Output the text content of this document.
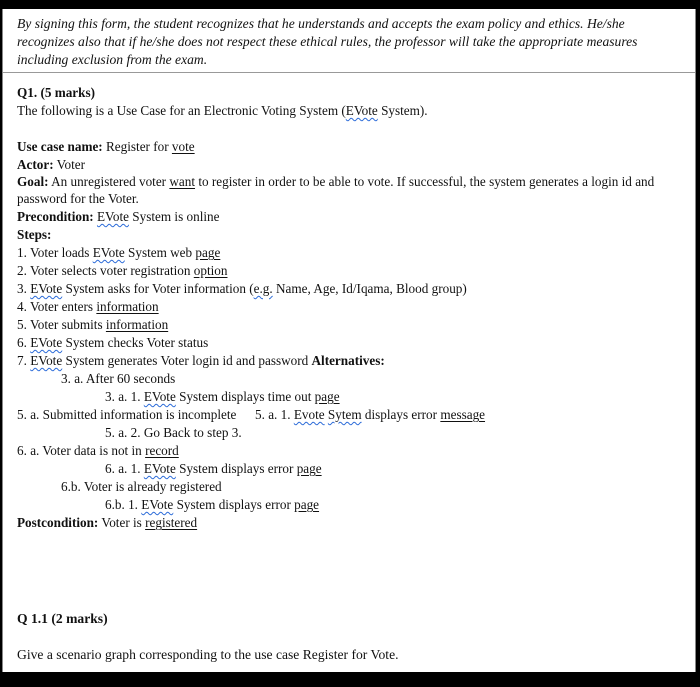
By signing this form, the student recognizes that he understands and accepts the exam policy and ethics. He/she recognizes also that if he/she does not respect these ethical rules, the professor will take the appropriate measures including exclusion from the exam.
Q1. (5 marks)
The following is a Use Case for an Electronic Voting System (EVote System).
Use case name: Register for vote
Actor: Voter
Goal: An unregistered voter want to register in order to be able to vote. If successful, the system generates a login id and password for the Voter.
Precondition: EVote System is online
Steps:
1. Voter loads EVote System web page
2. Voter selects voter registration option
3. EVote System asks for Voter information (e.g. Name, Age, Id/Iqama, Blood group)
4. Voter enters information
5. Voter submits information
6. EVote System checks Voter status
7. EVote System generates Voter login id and password Alternatives:
3. a. After 60 seconds
3. a. 1. EVote System displays time out page
5. a. Submitted information is incomplete 5. a. 1. Evote Sytem displays error message
5. a. 2. Go Back to step 3.
6. a. Voter data is not in record
6. a. 1. EVote System displays error page
6.b. Voter is already registered
6.b. 1. EVote System displays error page
Postcondition: Voter is registered
Q 1.1 (2 marks)
Give a scenario graph corresponding to the use case Register for Vote.
